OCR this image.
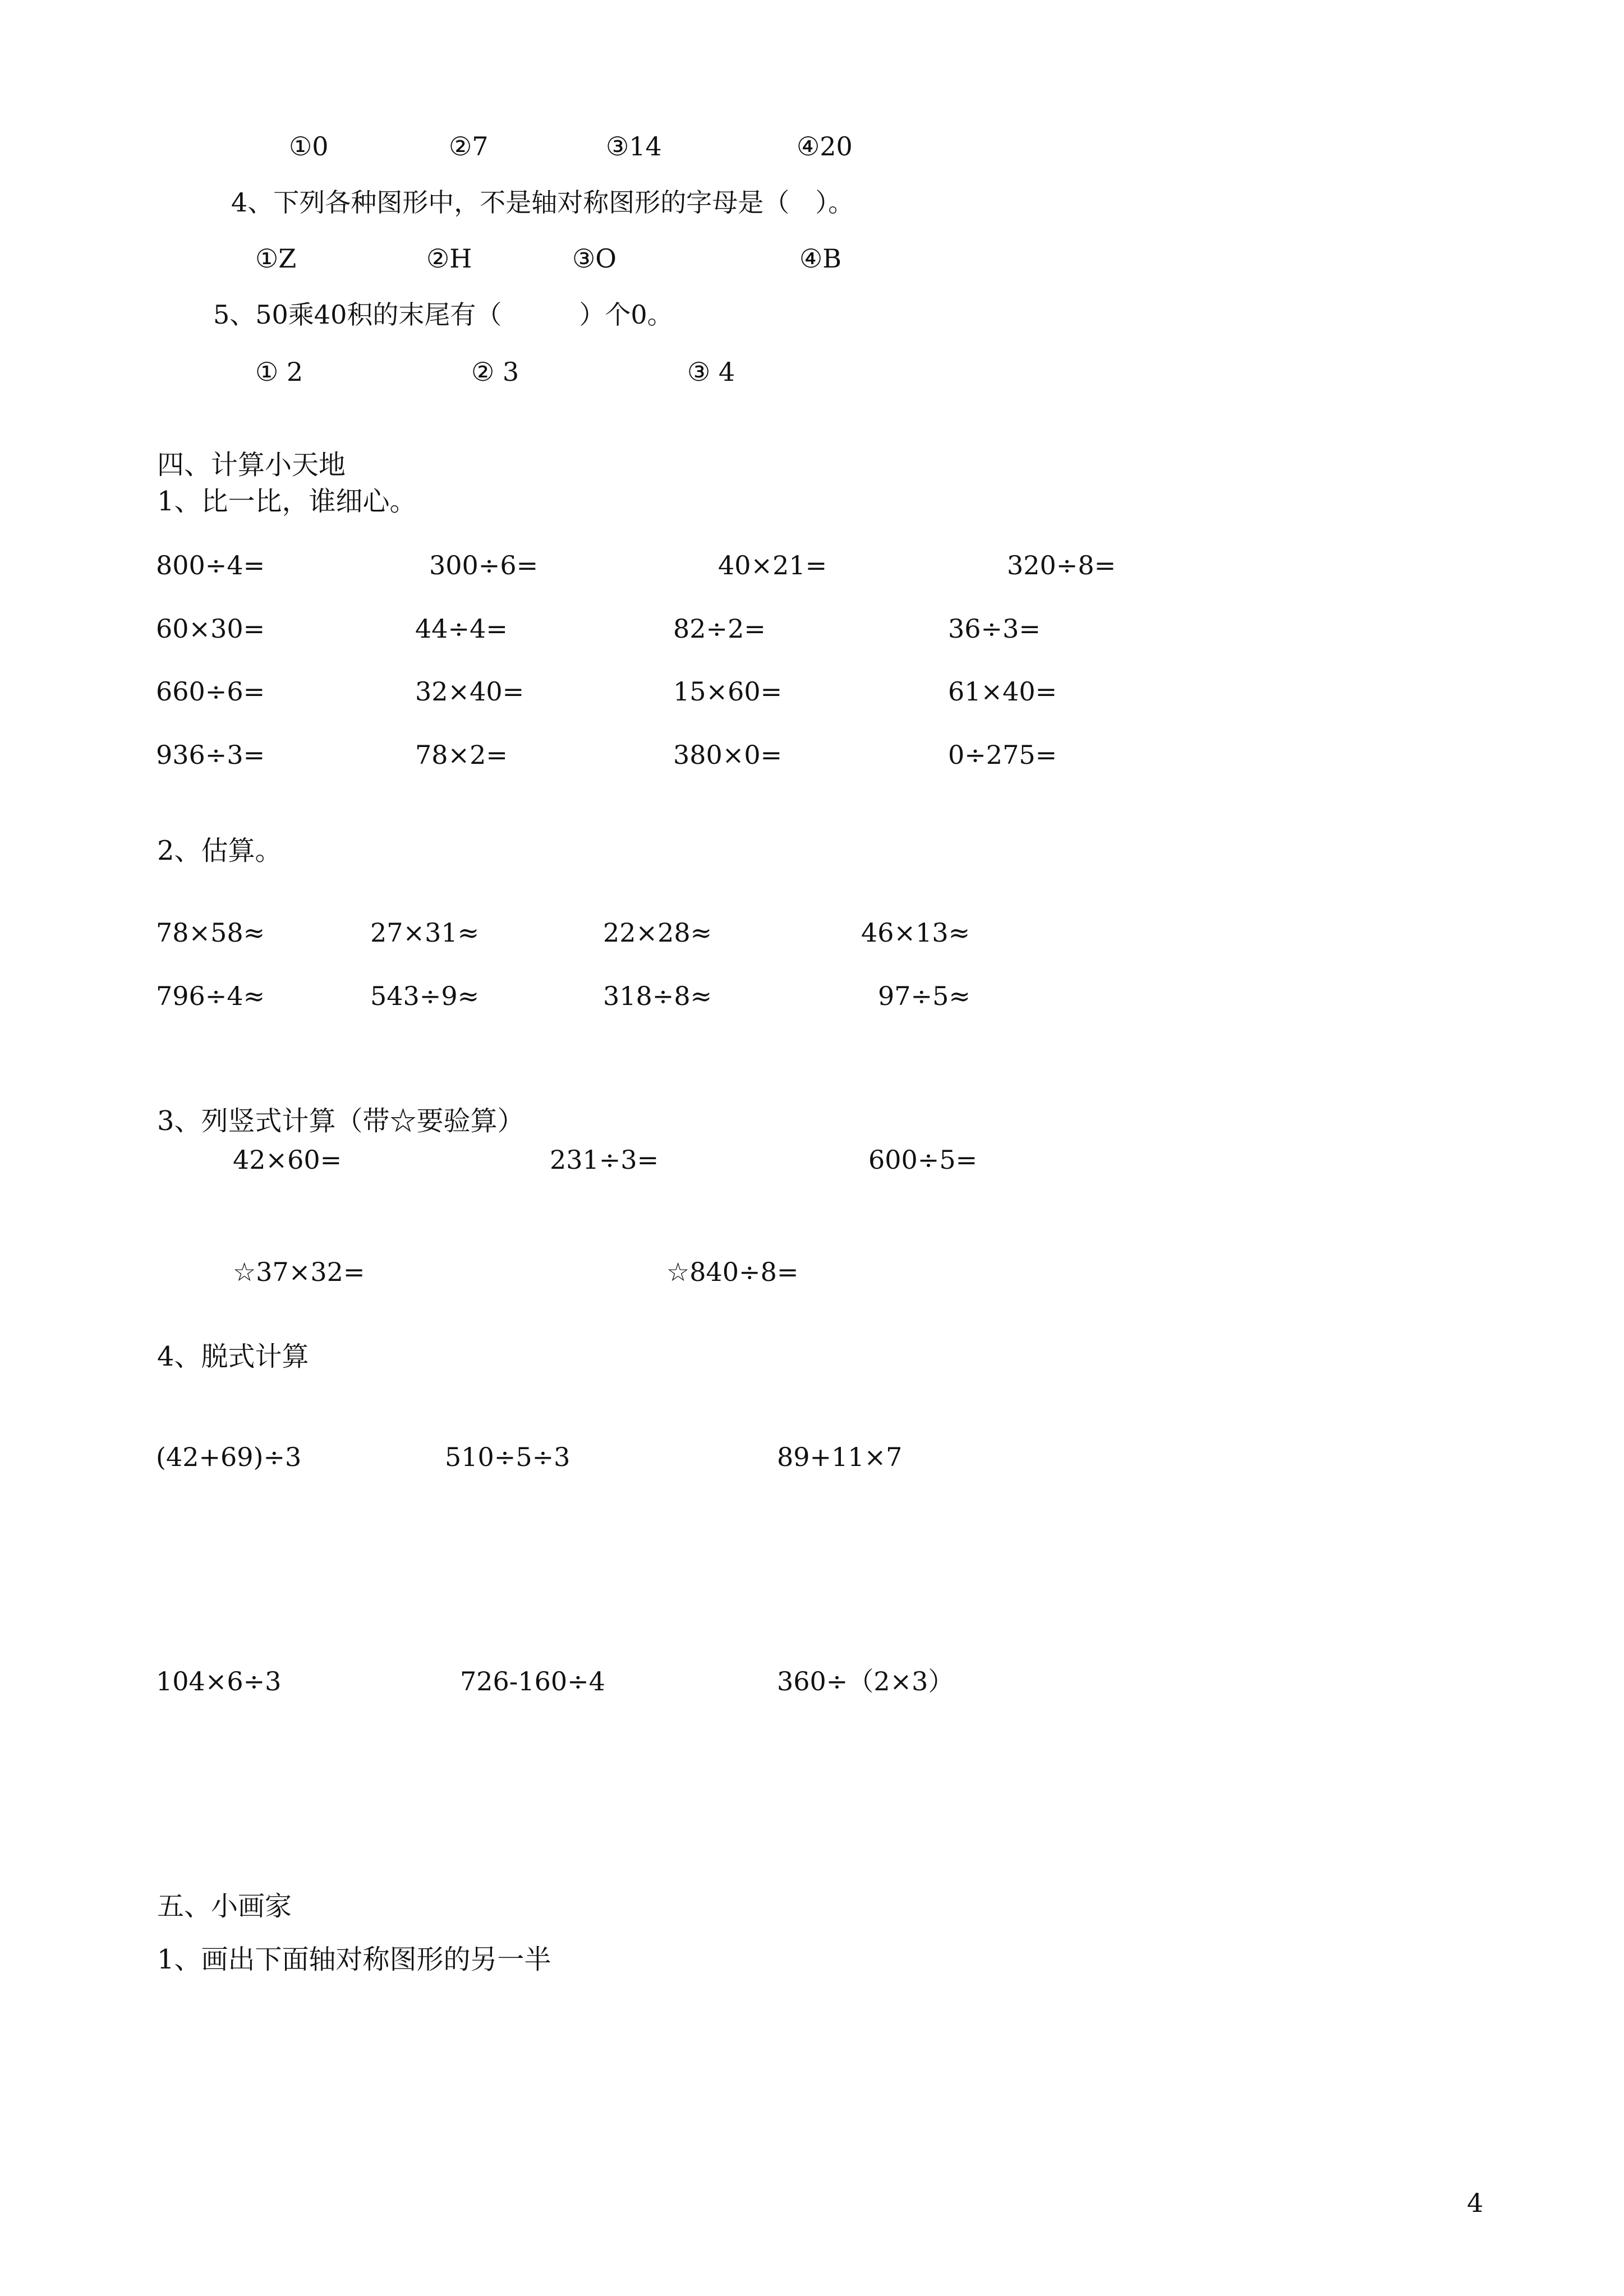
①0	②7	③14	④20
4、下列各种图形中，不是轴对称图形的字母是（　）。
①Z	②H	③O	④B
5、50乘40积的末尾有（　　　）个0。
① 2	② 3	③ 4
四、计算小天地
1、比一比，谁细心。
800÷4=	300÷6=	40×21=	320÷8=
60×30=	44÷4=	82÷2=	36÷3=
660÷6=	32×40=	15×60=	61×40=
936÷3=	78×2=	380×0=	0÷275=
2、估算。
78×58≈	27×31≈	22×28≈	46×13≈
796÷4≈	543÷9≈	318÷8≈	97÷5≈
3、列竖式计算（带☆要验算）
42×60=	231÷3=	600÷5=
☆37×32=	☆840÷8=
4、脱式计算
(42+69)÷3	510÷5÷3	89+11×7
104×6÷3	726-160÷4	360÷（2×3）
五、小画家
1、画出下面轴对称图形的另一半
4
